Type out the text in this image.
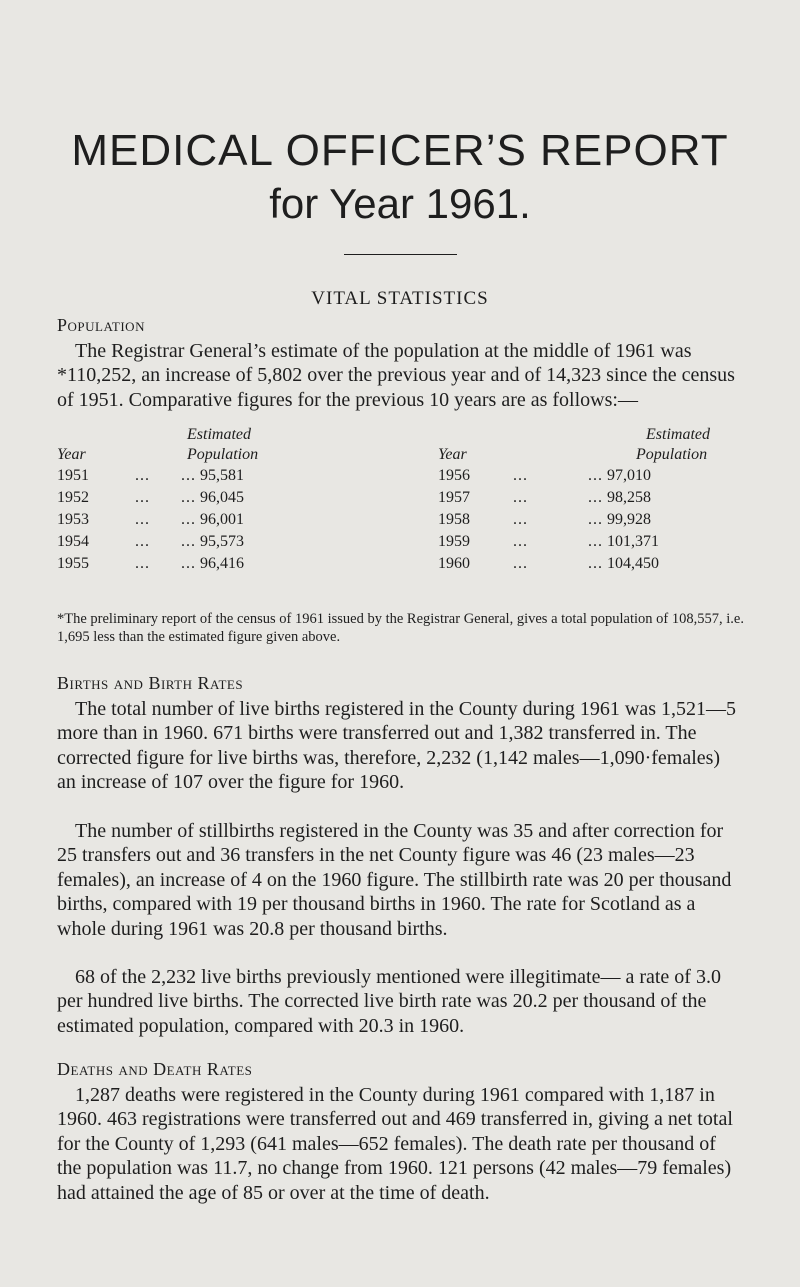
MEDICAL OFFICER’S REPORT
for Year 1961.
VITAL STATISTICS
Population

The Registrar General’s estimate of the population at the middle of 1961 was *110,252, an increase of 5,802 over the previous year and of 14,323 since the census of 1951. Comparative figures for the previous 10 years are as follows:—

Estimated
Year	Population
Estimated
Year	Population
1951	... ... 95,581
1952	... ... 96,045
1953	... ... 96,001
1954	... ... 95,573
1955	... ... 96,416
1956	...	... 97,010
1957	...	... 98,258
1958	...	... 99,928
1959	...	... 101,371
1960	...	... 104,450

*The preliminary report of the census of 1961 issued by the Registrar General, gives a total population of 108,557, i.e. 1,695 less than the estimated figure given above.

Births and Birth Rates

The total number of live births registered in the County during 1961 was 1,521—5 more than in 1960. 671 births were transferred out and 1,382 transferred in. The corrected figure for live births was, therefore, 2,232 (1,142 males—1,090·females) an increase of 107 over the figure for 1960.

The number of stillbirths registered in the County was 35 and after correction for 25 transfers out and 36 transfers in the net County figure was 46 (23 males—23 females), an increase of 4 on the 1960 figure. The stillbirth rate was 20 per thousand births, compared with 19 per thousand births in 1960. The rate for Scotland as a whole during 1961 was 20.8 per thousand births.

68 of the 2,232 live births previously mentioned were illegitimate— a rate of 3.0 per hundred live births. The corrected live birth rate was 20.2 per thousand of the estimated population, compared with 20.3 in 1960.

Deaths and Death Rates

1,287 deaths were registered in the County during 1961 compared with 1,187 in 1960. 463 registrations were transferred out and 469 transferred in, giving a net total for the County of 1,293 (641 males—652 females). The death rate per thousand of the population was 11.7, no change from 1960. 121 persons (42 males—79 females) had attained the age of 85 or over at the time of death.
